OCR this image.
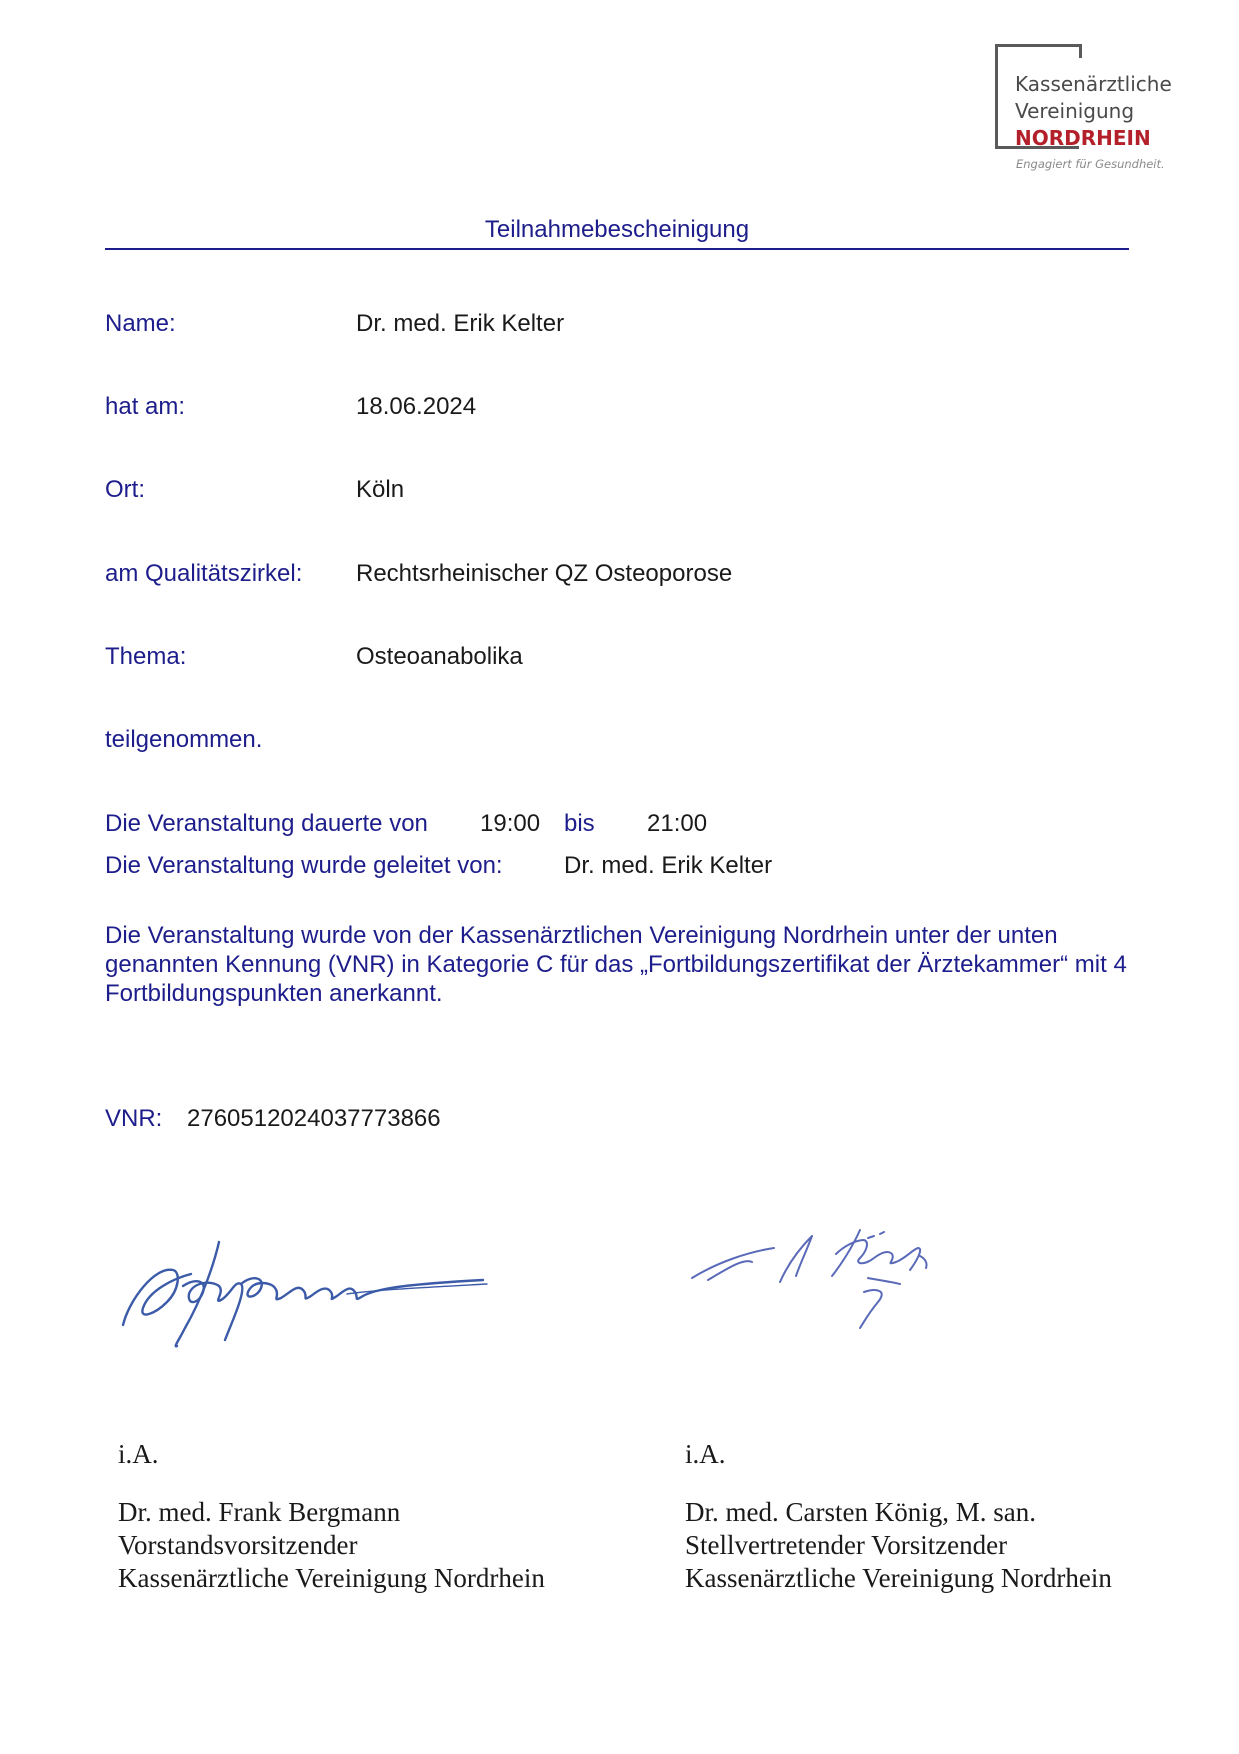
Kassenärztliche
Vereinigung
NORDRHEIN
Engagiert für Gesundheit.
Teilnahmebescheinigung
Name:	Dr. med. Erik Kelter
hat am:	18.06.2024
Ort:	Köln
am Qualitätszirkel: Rechtsrheinischer QZ Osteoporose
Thema:	Osteoanabolika
teilgenommen.
Die Veranstaltung dauerte von 19:00 bis 21:00
Die Veranstaltung wurde geleitet von:	Dr. med. Erik Kelter
Die Veranstaltung wurde von der Kassenärztlichen Vereinigung Nordrhein unter der unten genannten Kennung (VNR) in Kategorie C für das „Fortbildungszertifikat der Ärztekammer“ mit 4 Fortbildungspunkten anerkannt.
VNR: 2760512024037773866
i.A.
Dr. med. Frank Bergmann
Vorstandsvorsitzender
Kassenärztliche Vereinigung Nordrhein
i.A.
Dr. med. Carsten König, M. san.
Stellvertretender Vorsitzender
Kassenärztliche Vereinigung Nordrhein
